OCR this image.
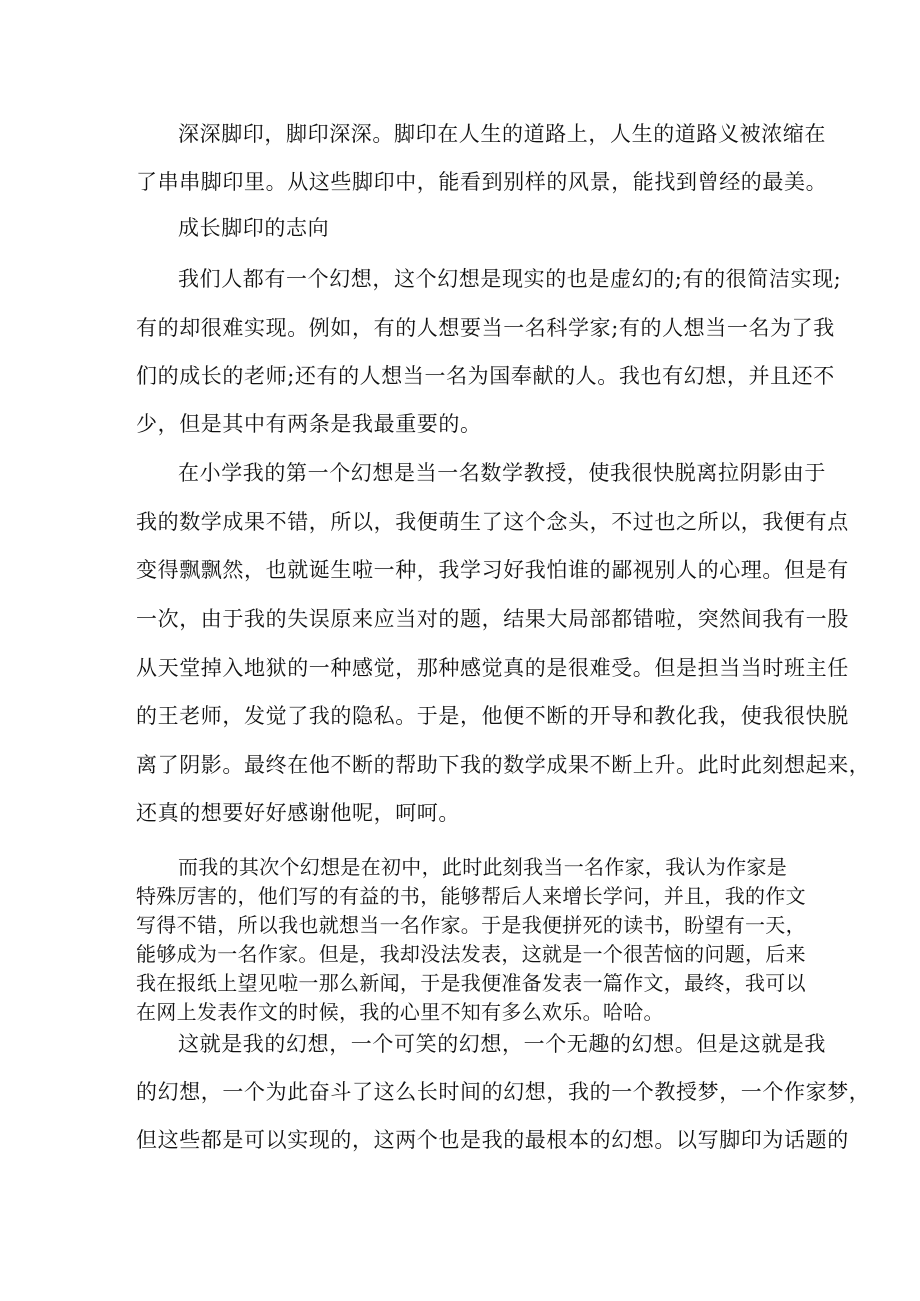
深深脚印，脚印深深。脚印在人生的道路上，人生的道路义被浓缩在
了串串脚印里。从这些脚印中，能看到别样的风景，能找到曾经的最美。
成长脚印的志向
我们人都有一个幻想，这个幻想是现实的也是虚幻的;有的很简洁实现;
有的却很难实现。例如，有的人想要当一名科学家;有的人想当一名为了我
们的成长的老师;还有的人想当一名为国奉献的人。我也有幻想，并且还不
少，但是其中有两条是我最重要的。
在小学我的第一个幻想是当一名数学教授，使我很快脱离拉阴影由于
我的数学成果不错，所以，我便萌生了这个念头，不过也之所以，我便有点
变得飘飘然，也就诞生啦一种，我学习好我怕谁的鄙视别人的心理。但是有
一次，由于我的失误原来应当对的题，结果大局部都错啦，突然间我有一股
从天堂掉入地狱的一种感觉，那种感觉真的是很难受。但是担当当时班主任
的王老师，发觉了我的隐私。于是，他便不断的开导和教化我，使我很快脱
离了阴影。最终在他不断的帮助下我的数学成果不断上升。此时此刻想起来，
还真的想要好好感谢他呢，呵呵。
而我的其次个幻想是在初中，此时此刻我当一名作家，我认为作家是
特殊厉害的，他们写的有益的书，能够帮后人来增长学问，并且，我的作文
写得不错，所以我也就想当一名作家。于是我便拼死的读书，盼望有一天，
能够成为一名作家。但是，我却没法发表，这就是一个很苦恼的问题，后来
我在报纸上望见啦一那么新闻，于是我便准备发表一篇作文，最终，我可以
在网上发表作文的时候，我的心里不知有多么欢乐。哈哈。
这就是我的幻想，一个可笑的幻想，一个无趣的幻想。但是这就是我
的幻想，一个为此奋斗了这么长时间的幻想，我的一个教授梦，一个作家梦，
但这些都是可以实现的，这两个也是我的最根本的幻想。以写脚印为话题的
